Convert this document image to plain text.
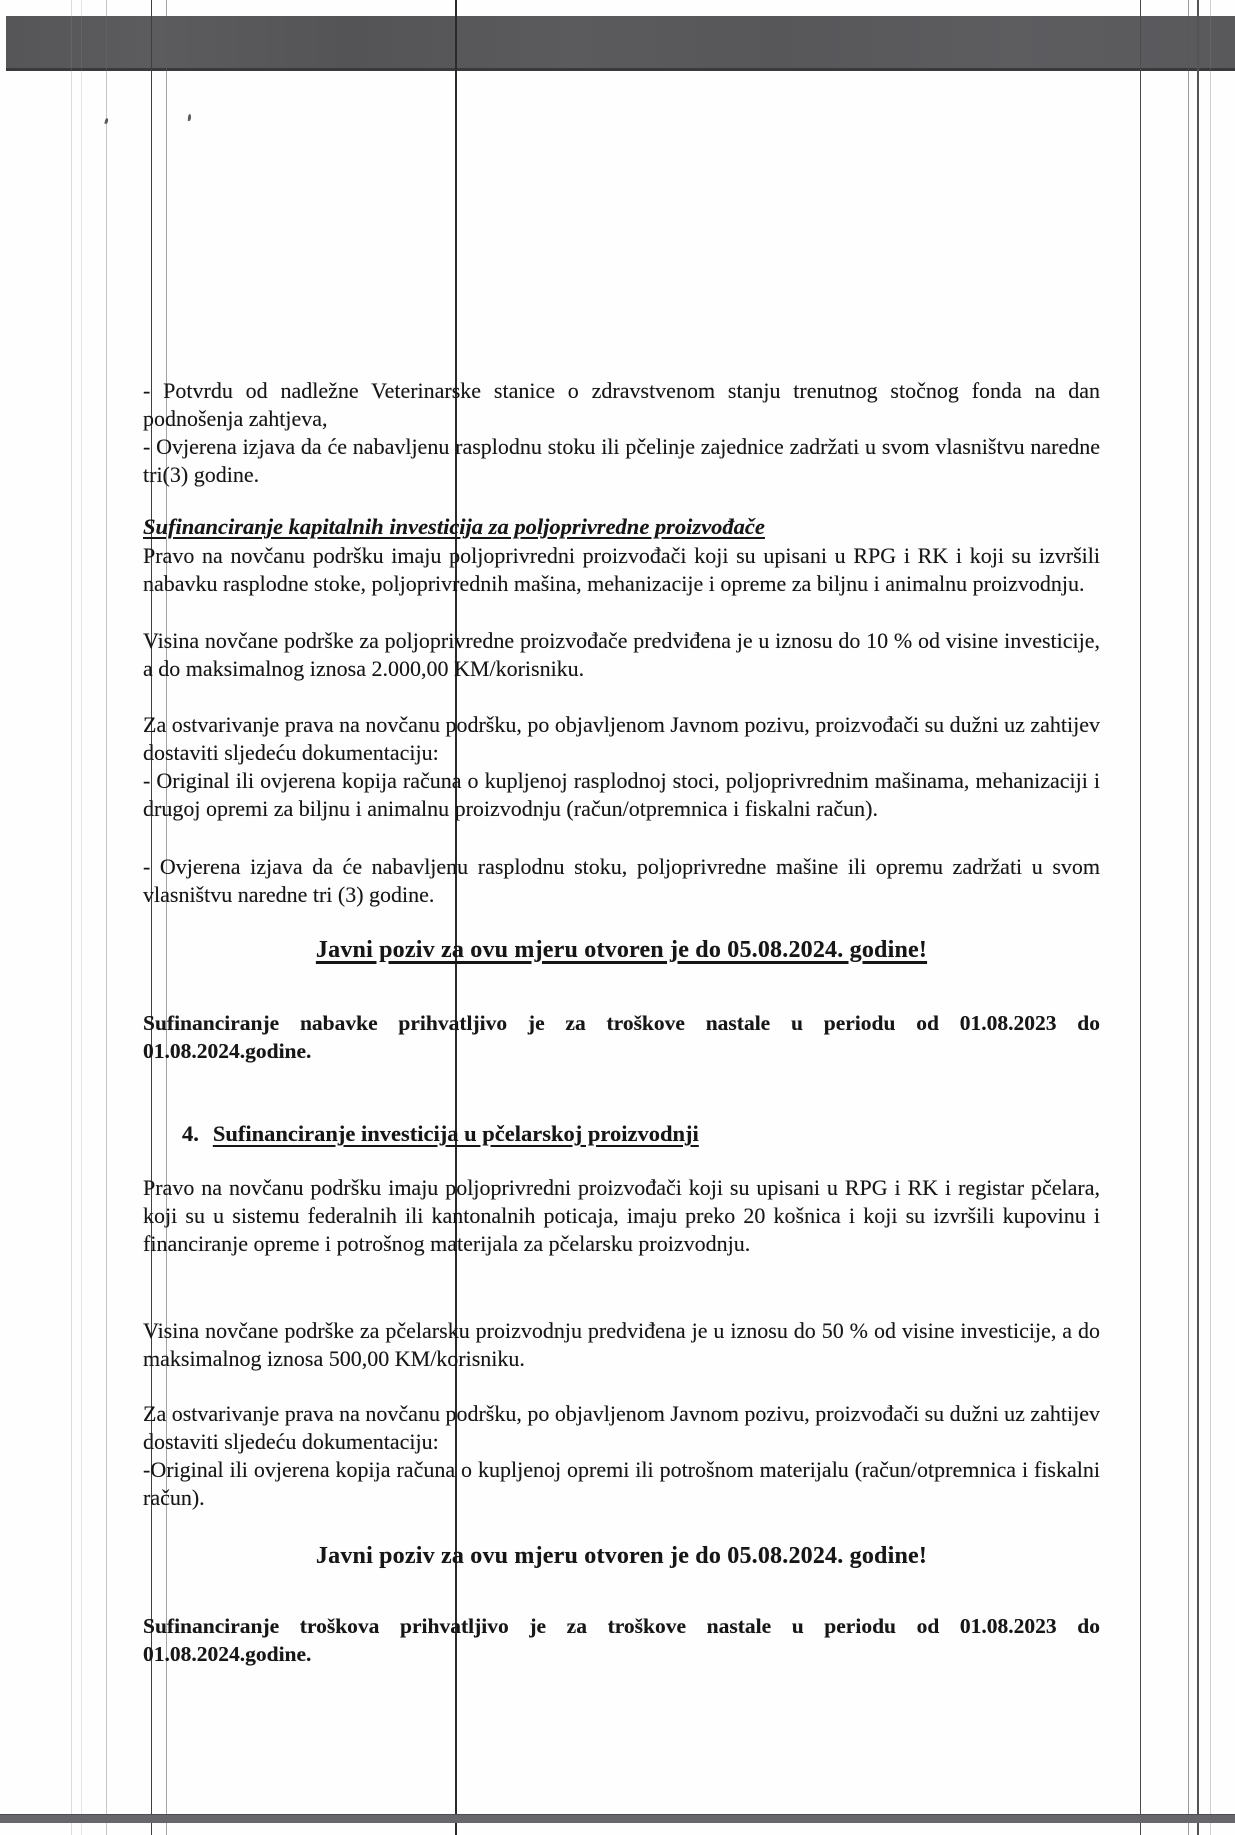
- Potvrdu od nadležne Veterinarske stanice o zdravstvenom stanju trenutnog stočnog fonda na dan podnošenja zahtjeva,
- Ovjerena izjava da će nabavljenu rasplodnu stoku ili pčelinje zajednice zadržati u svom vlasništvu naredne tri(3) godine.
Sufinanciranje kapitalnih investicija za poljoprivredne proizvođače
Pravo na novčanu podršku imaju poljoprivredni proizvođači koji su upisani u RPG i RK i koji su izvršili nabavku rasplodne stoke, poljoprivrednih mašina, mehanizacije i opreme za biljnu i animalnu proizvodnju.
Visina novčane podrške za poljoprivredne proizvođače predviđena je u iznosu do 10 % od visine investicije, a do maksimalnog iznosa 2.000,00 KM/korisniku.
Za ostvarivanje prava na novčanu podršku, po objavljenom Javnom pozivu, proizvođači su dužni uz zahtijev dostaviti sljedeću dokumentaciju:
- Original ili ovjerena kopija računa o kupljenoj rasplodnoj stoci, poljoprivrednim mašinama, mehanizaciji i drugoj opremi za biljnu i animalnu proizvodnju (račun/otpremnica i fiskalni račun).
- Ovjerena izjava da će nabavljenu rasplodnu stoku, poljoprivredne mašine ili opremu zadržati u svom vlasništvu naredne tri (3) godine.
Javni poziv za ovu mjeru otvoren je do 05.08.2024. godine!
Sufinanciranje nabavke prihvatljivo je za troškove nastale u periodu od 01.08.2023 do 01.08.2024.godine.
4. Sufinanciranje investicija u pčelarskoj proizvodnji
Pravo na novčanu podršku imaju poljoprivredni proizvođači koji su upisani u RPG i RK i registar pčelara, koji su u sistemu federalnih ili kantonalnih poticaja, imaju preko 20 košnica i koji su izvršili kupovinu i financiranje opreme i potrošnog materijala za pčelarsku proizvodnju.
Visina novčane podrške za pčelarsku proizvodnju predviđena je u iznosu do 50 % od visine investicije, a do maksimalnog iznosa 500,00 KM/korisniku.
Za ostvarivanje prava na novčanu podršku, po objavljenom Javnom pozivu, proizvođači su dužni uz zahtijev dostaviti sljedeću dokumentaciju:
-Original ili ovjerena kopija računa o kupljenoj opremi ili potrošnom materijalu (račun/otpremnica i fiskalni račun).
Javni poziv za ovu mjeru otvoren je do 05.08.2024. godine!
Sufinanciranje troškova prihvatljivo je za troškove nastale u periodu od 01.08.2023 do 01.08.2024.godine.
